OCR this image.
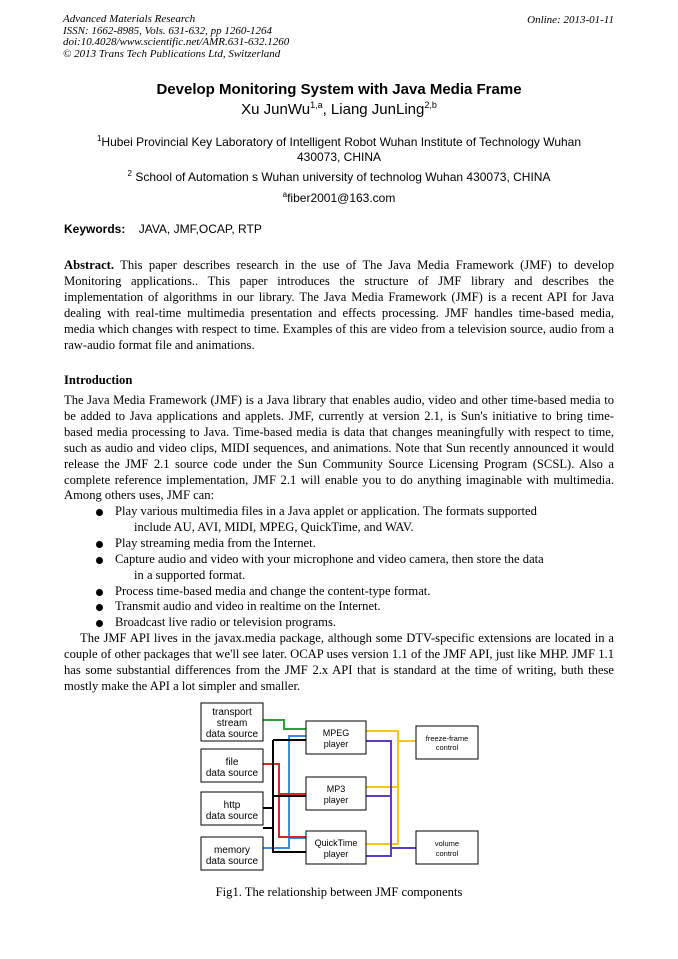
Advanced Materials Research
ISSN: 1662-8985, Vols. 631-632, pp 1260-1264
doi:10.4028/www.scientific.net/AMR.631-632.1260
© 2013 Trans Tech Publications Ltd, Switzerland
Online: 2013-01-11
Develop Monitoring System with Java Media Frame
Xu JunWu$^{1,a}$, Liang JunLing$^{2,b}$
$^1$Hubei Provincial Key Laboratory of Intelligent Robot Wuhan Institute of Technology Wuhan
430073, CHINA
$^2$ School of Automation s Wuhan university of technolog Wuhan 430073, CHINA
$^a$fiber2001@163.com
Keywords: JAVA, JMF,OCAP, RTP
Abstract. This paper describes research in the use of The Java Media Framework (JMF) to develop Monitoring applications.. This paper introduces the structure of JMF library and describes the implementation of algorithms in our library. The Java Media Framework (JMF) is a recent API for Java dealing with real-time multimedia presentation and effects processing. JMF handles time-based media, media which changes with respect to time. Examples of this are video from a television source, audio from a raw-audio format file and animations.
Introduction
The Java Media Framework (JMF) is a Java library that enables audio, video and other time-based media to be added to Java applications and applets. JMF, currently at version 2.1, is Sun's initiative to bring time-based media processing to Java. Time-based media is data that changes meaningfully with respect to time, such as audio and video clips, MIDI sequences, and animations. Note that Sun recently announced it would release the JMF 2.1 source code under the Sun Community Source Licensing Program (SCSL). Also a complete reference implementation, JMF 2.1 will enable you to do anything imaginable with multimedia. Among others uses, JMF can:
Play various multimedia files in a Java applet or application. The formats supported
include AU, AVI, MIDI, MPEG, QuickTime, and WAV.
Play streaming media from the Internet.
Capture audio and video with your microphone and video camera, then store the data
in a supported format.
Process time-based media and change the content-type format.
Transmit audio and video in realtime on the Internet.
Broadcast live radio or television programs.
The JMF API lives in the javax.media package, although some DTV-specific extensions are located in a couple of other packages that we'll see later. OCAP uses version 1.1 of the JMF API, just like MHP. JMF 1.1 has some substantial differences from the JMF 2.x API that is standard at the time of writing, buth these mostly make the API a lot simpler and smaller.
transport
stream
data source
file
data source
http
data source
memory
data source
MPEG
player
MP3
player
QuickTime
player
freeze-frame
control
volume
control
Fig1. The relationship between JMF components
